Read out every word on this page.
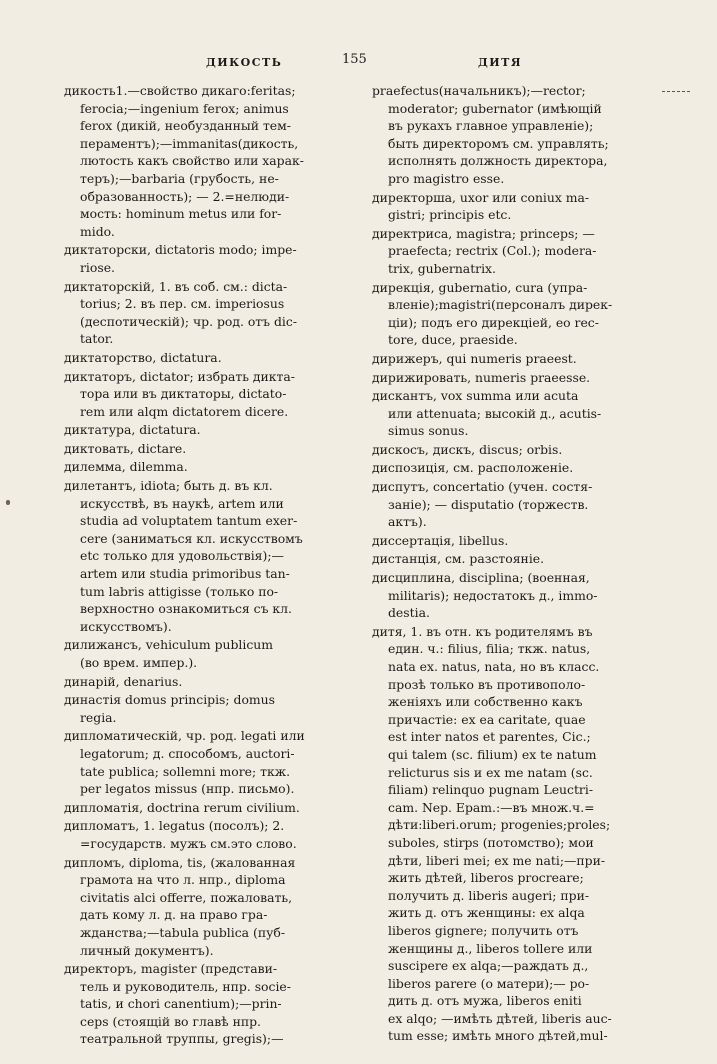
ДИКОСТЬ	155	ДИТЯ
дикость1.—свойство дикаго:feritas;
ferocia;—ingenium ferox; animus
ferox (дикій, необузданный тем-
пераментъ);—immanitas(дикость,
лютость какъ свойство или харак-
теръ);—barbaria (грубость, не-
образованность); — 2.=нелюди-
мость: hominum metus или for-
mido.
диктаторски, dictatoris modo; impe-
riose.
диктаторскій, 1. въ соб. см.: dicta-
torius; 2. въ пер. см. imperiosus
(деспотическій); чр. род. отъ dic-
tator.
диктаторство, dictatura.
диктаторъ, dictator; избрать дикта-
тора или въ диктаторы, dictato-
rem или alqm dictatorem dicere.
диктатура, dictatura.
диктовать, dictare.
дилемма, dilemma.
дилетантъ, idiota; быть д. въ кл.
искусствѣ, въ наукѣ, artem или
studia ad voluptatem tantum exer-
cere (заниматься кл. искусствомъ
etc только для удовольствія);—
artem или studia primoribus tan-
tum labris attigisse (только по-
верхностно ознакомиться съ кл.
искусствомъ).
дилижансъ, vehiculum publicum
(во врем. импер.).
динарій, denarius.
династія domus principis; domus
regia.
дипломатическій, чр. род. legati или
legatorum; д. способомъ, auctori-
tate publica; sollemni more; ткж.
per legatos missus (нпр. письмо).
дипломатія, doctrina rerum civilium.
дипломатъ, 1. legatus (посолъ); 2.
=государств. мужъ см.это слово.
дипломъ, diploma, tis, (жалованная
грамота на что л. нпр., diploma
civitatis alci offerre, пожаловать,
дать кому л. д. на право гра-
жданства;—tabula publica (пуб-
личный документъ).
директоръ, magister (представи-
тель и руководитель, нпр. socie-
tatis, и chori canentium);—prin-
ceps (стоящій во главѣ нпр.
театральной труппы, gregis);—
praefectus(начальникъ);—rector;
moderator; gubernator (имѣющій
въ рукахъ главное управленіе);
быть директоромъ см. управлять;
исполнять должность директора,
pro magistro esse.
директорша, uxor или coniux ma-
gistri; principis etc.
директриса, magistra; princeps; —
praefecta; rectrix (Col.); modera-
trix, gubernatrix.
дирекція, gubernatio, cura (упра-
вленіе);magistri(персоналъ дирек-
ціи); подъ его дирекціей, eo rec-
tore, duce, praeside.
дирижеръ, qui numeris praeest.
дирижировать, numeris praeesse.
дискантъ, vox summa или acuta
или attenuata; высокій д., acutis-
simus sonus.
дискосъ, дискъ, discus; orbis.
диспозиція, см. расположеніе.
диспутъ, concertatio (учен. состя-
заніе); — disputatio (торжеств.
актъ).
диссертація, libellus.
дистанція, см. разстояніе.
дисциплина, disciplina; (военная,
militaris); недостатокъ д., immo-
destia.
дитя, 1. въ отн. къ родителямъ въ
един. ч.: filius, filia; ткж. natus,
nata ex. natus, nata, но въ класс.
прозѣ только въ противополо-
женіяхъ или собственно какъ
причастіе: ex ea caritate, quae
est inter natos et parentes, Cic.;
qui talem (sc. filium) ex te natum
relicturus sis и ex me natam (sc.
filiam) relinquo pugnam Leuctri-
cam. Nep. Epam.:—въ множ.ч.=
дѣти:liberi.orum; progenies;proles;
suboles, stirps (потомство); мои
дѣти, liberi mei; ex me nati;—при-
жить дѣтей, liberos procreare;
получить д. liberis augeri; при-
жить д. отъ женщины: ex alqa
liberos gignere; получить отъ
женщины д., liberos tollere или
suscipere ex alqa;—раждать д.,
liberos parere (о матери);— ро-
дить д. отъ мужа, liberos eniti
ex alqo; —имѣть дѣтей, liberis auc-
tum esse; имѣть много дѣтей,mul-
